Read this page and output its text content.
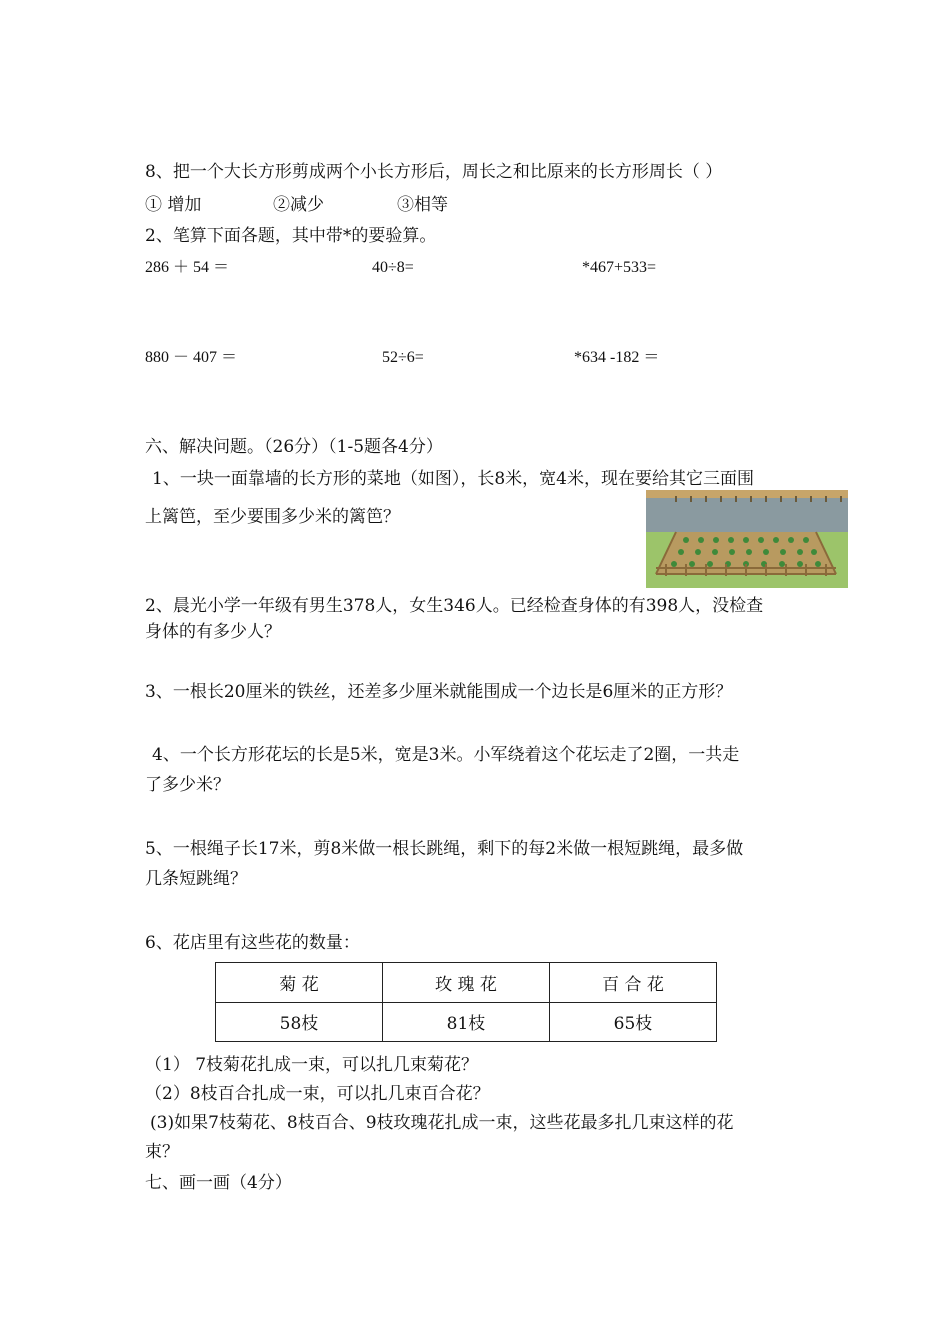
8、把一个大长方形剪成两个小长方形后，周长之和比原来的长方形周长（ ）
① 增加	②减少	③相等
2、笔算下面各题，其中带*的要验算。
286 ＋ 54 ＝	40÷8=	*467+533=
880 － 407 ＝	52÷6=	*634 -182 ＝
六、解决问题。（26分）（1-5题各4分）
1、一块一面靠墙的长方形的菜地（如图），长8米，宽4米，现在要给其它三面围
上篱笆，至少要围多少米的篱笆？
2、晨光小学一年级有男生378人，女生346人。已经检查身体的有398人，没检查
身体的有多少人？
3、一根长20厘米的铁丝，还差多少厘米就能围成一个边长是6厘米的正方形？
4、一个长方形花坛的长是5米，宽是3米。小军绕着这个花坛走了2圈，一共走
了多少米？
5、一根绳子长17米，剪8米做一根长跳绳，剩下的每2米做一根短跳绳，最多做
几条短跳绳？
6、花店里有这些花的数量：
菊 花	玫 瑰 花	百 合 花
58枝	81枝	65枝
（1） 7枝菊花扎成一束，可以扎几束菊花？
（2）8枝百合扎成一束，可以扎几束百合花？
(3)如果7枝菊花、8枝百合、9枝玫瑰花扎成一束，这些花最多扎几束这样的花
束？
七、画一画（4分）
